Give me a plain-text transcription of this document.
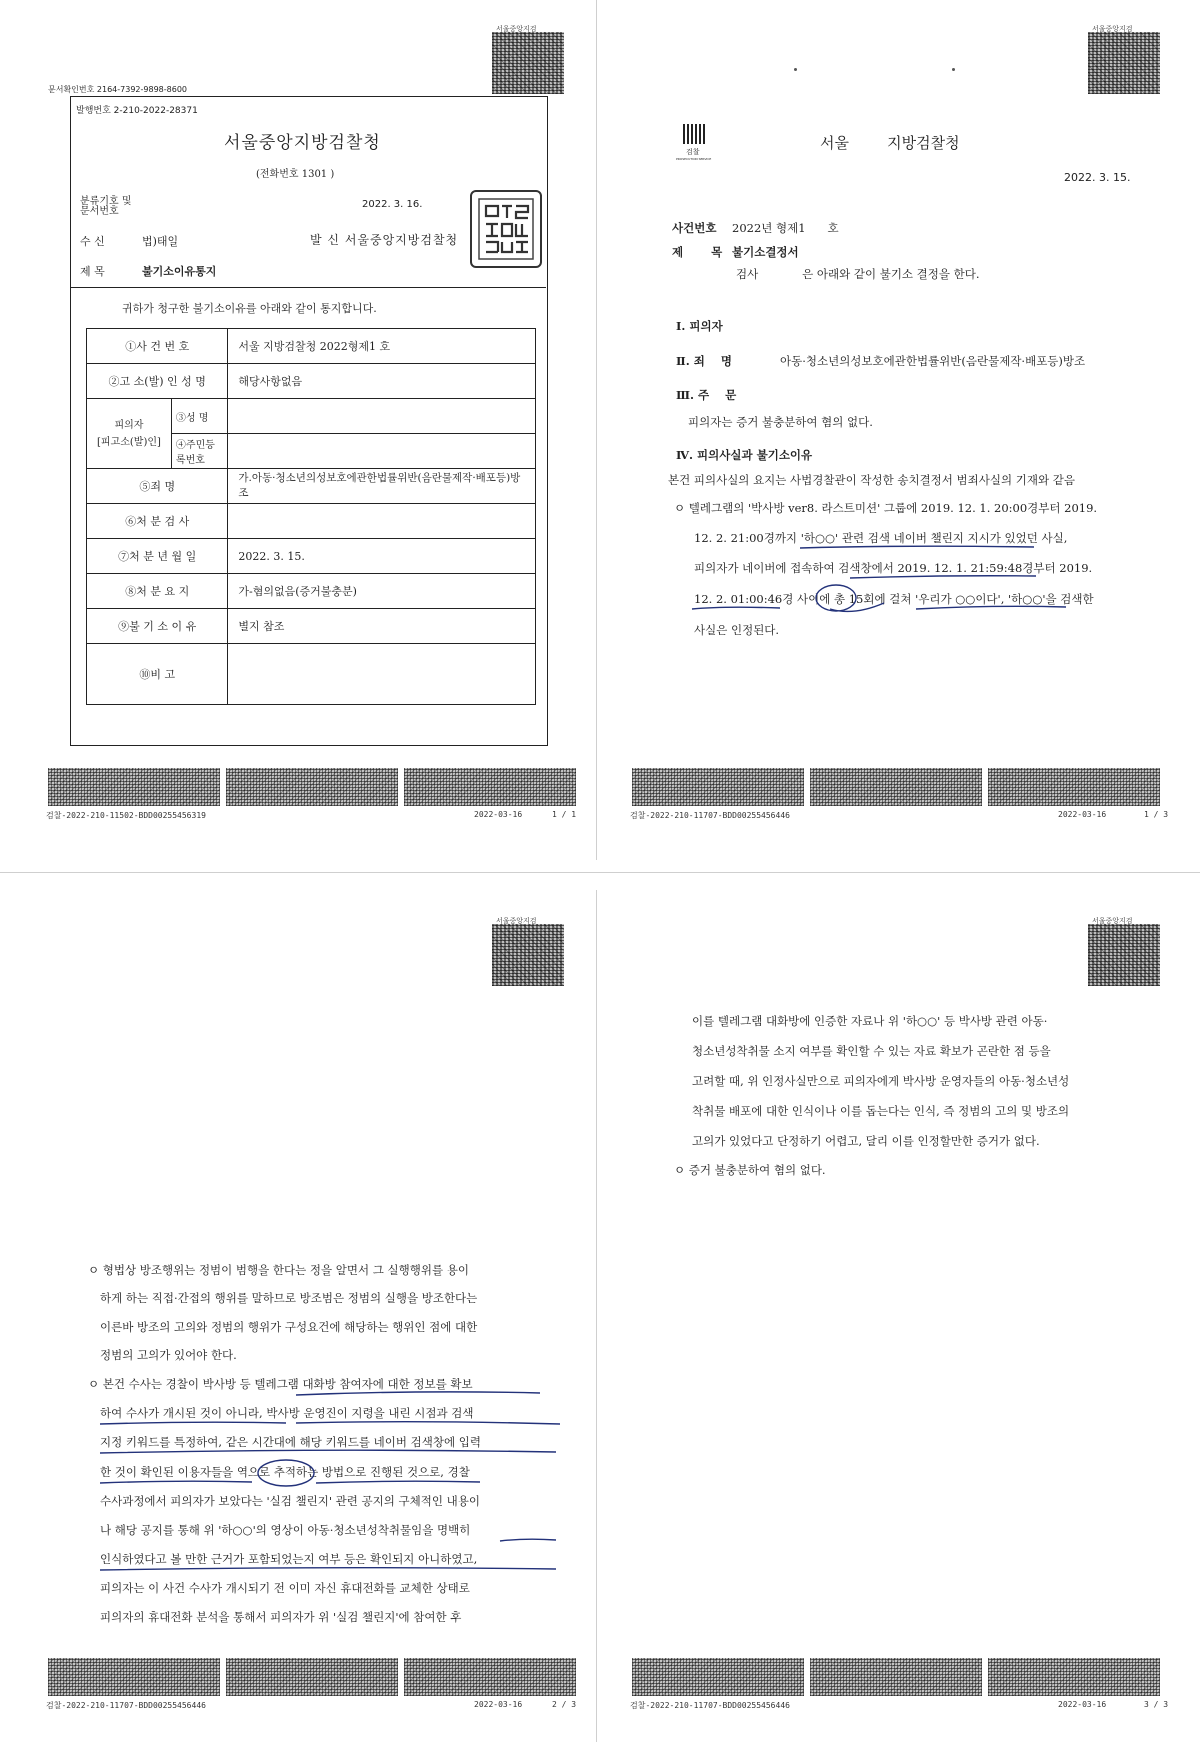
서울중앙지검
문서확인번호 2164-7392-9898-8600
발행번호 2-210-2022-28371
서울중앙지방검찰청
(전화번호 1301 )
분류기호 및
문서번호
2022. 3. 16.
수 신	법)태일	발 신 서울중앙지방검찰청
제 목	불기소이유통지
귀하가 청구한 불기소이유를 아래와 같이 통지합니다.
①사 건 번 호		서울 지방검찰청 2022형제1 호
②고 소(발) 인 성 명		해당사항없음
피의자
[피고소(발)인]	③성 명	
	④주민등록번호	
⑤죄 명		가.아동·청소년의성보호에관한법률위반(음란물제작·배포등)방
조
⑥처 분 검 사		
⑦처 분 년 월 일		2022. 3. 15.
⑧처 분 요 지		가-혐의없음(증거불충분)
⑨불 기 소 이 유		별지 참조
⑩비 고		
검찰-2022-210-11502-BDD00255456319	2022-03-16	1 / 1
서울중앙지검
검찰
PROSECUTION SERVICE
서울        지방검찰청
2022. 3. 15.
사건번호 2022년 형제1      호
제       목 불기소결정서
검사            은 아래와 같이 불기소 결정을 한다.
Ⅰ. 피의자
Ⅱ. 죄    명	아동·청소년의성보호에관한법률위반(음란물제작·배포등)방조
Ⅲ. 주    문
피의자는 증거 불충분하여 혐의 없다.
Ⅳ. 피의사실과 불기소이유
본건 피의사실의 요지는 사법경찰관이 작성한 송치결정서 범죄사실의 기재와 같음
ㅇ 텔레그램의 '박사방 ver8. 라스트미션' 그룹에 2019. 12. 1. 20:00경부터 2019.
12. 2. 21:00경까지 '하○○' 관련 검색 네이버 챌린지 지시가 있었던 사실,
피의자가 네이버에 접속하여 검색창에서 2019. 12. 1. 21:59:48경부터 2019.
12. 2. 01:00:46경 사이에 총 15회에 걸쳐 '우리가 ○○이다', '하○○'을 검색한
사실은 인정된다.
검찰-2022-210-11707-BDD00255456446	2022-03-16	1 / 3
서울중앙지검
ㅇ 형법상 방조행위는 정범이 범행을 한다는 정을 알면서 그 실행행위를 용이
하게 하는 직접·간접의 행위를 말하므로 방조범은 정범의 실행을 방조한다는
이른바 방조의 고의와 정범의 행위가 구성요건에 해당하는 행위인 점에 대한
정범의 고의가 있어야 한다.
ㅇ 본건 수사는 경찰이 박사방 등 텔레그램 대화방 참여자에 대한 정보를 확보
하여 수사가 개시된 것이 아니라, 박사방 운영진이 지령을 내린 시점과 검색
지정 키워드를 특정하여, 같은 시간대에 해당 키워드를 네이버 검색창에 입력
한 것이 확인된 이용자들을 역으로 추적하는 방법으로 진행된 것으로, 경찰
수사과정에서 피의자가 보았다는 '실검 챌린지' 관련 공지의 구체적인 내용이
나 해당 공지를 통해 위 '하○○'의 영상이 아동·청소년성착취물임을 명백히
인식하였다고 볼 만한 근거가 포함되었는지 여부 등은 확인되지 아니하였고,
피의자는 이 사건 수사가 개시되기 전 이미 자신 휴대전화를 교체한 상태로
피의자의 휴대전화 분석을 통해서 피의자가 위 '실검 챌린지'에 참여한 후
검찰-2022-210-11707-BDD00255456446	2022-03-16	2 / 3
서울중앙지검
이를 텔레그램 대화방에 인증한 자료나 위 '하○○' 등 박사방 관련 아동·
청소년성착취물 소지 여부를 확인할 수 있는 자료 확보가 곤란한 점 등을
고려할 때, 위 인정사실만으로 피의자에게 박사방 운영자들의 아동·청소년성
착취물 배포에 대한 인식이나 이를 돕는다는 인식, 즉 정범의 고의 및 방조의
고의가 있었다고 단정하기 어렵고, 달리 이를 인정할만한 증거가 없다.
ㅇ 증거 불충분하여 혐의 없다.
검찰-2022-210-11707-BDD00255456446	2022-03-16	3 / 3
